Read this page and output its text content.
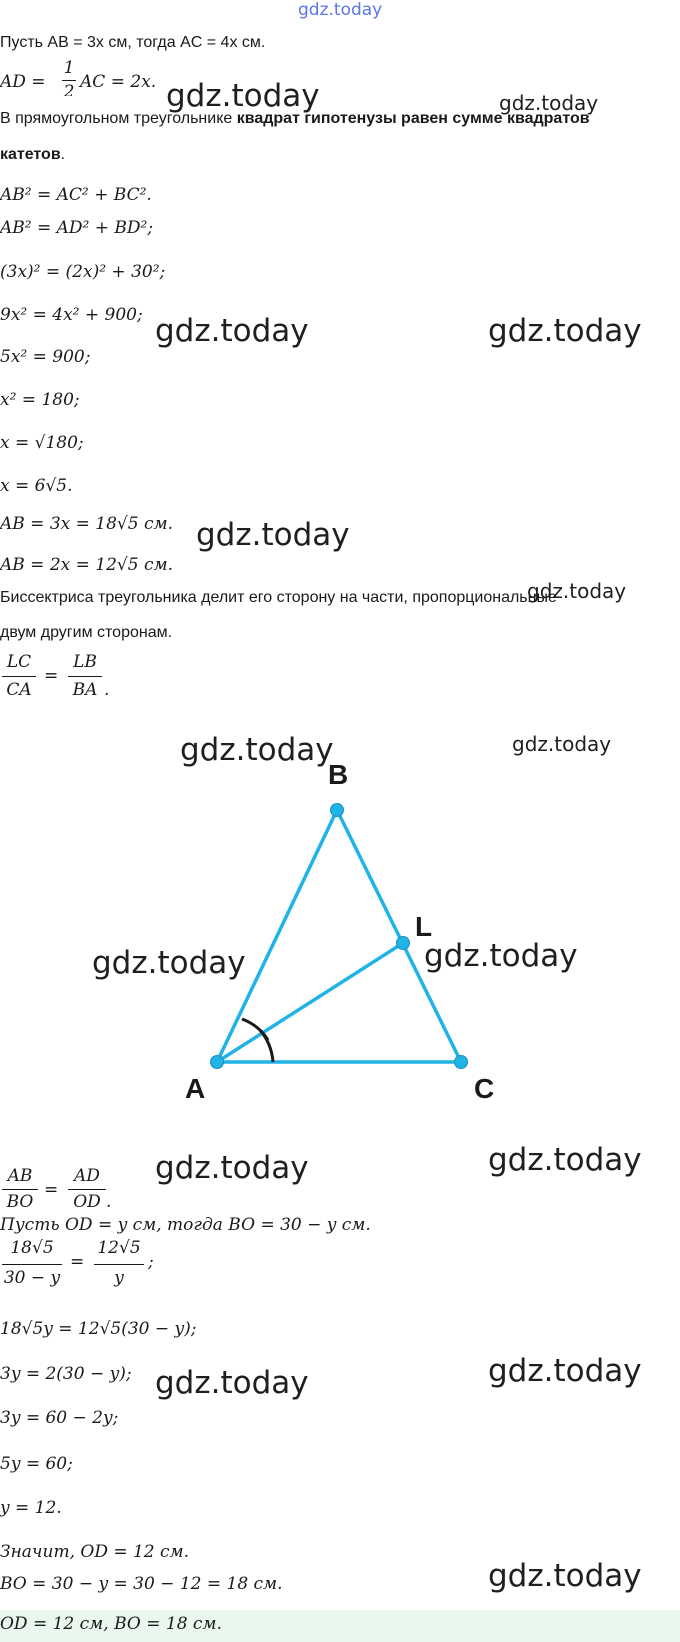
gdz.today
Пусть AB = 3x см, тогда AC = 4x см.
AD =
1
2 AC = 2x.
В прямоугольном треугольнике квадрат гипотенузы равен сумме квадратов
катетов.
AB² = AC² + BC².
AB² = AD² + BD²;
(3x)² = (2x)² + 30²;
9x² = 4x² + 900;
5x² = 900;
x² = 180;
x = √180;
x = 6√5.
AB = 3x = 18√5 см.
AB = 2x = 12√5 см.
Биссектриса треугольника делит его сторону на части, пропорциональные
двум другим сторонам.
LC
CA
=
LB
BA .
A
B
C
L
AB
BO
=
AD
OD .
Пусть OD = y см, тогда BO = 30 − y см.
18√5
30 − y
=
12√5
y
;
18√5y = 12√5(30 − y);
3y = 2(30 − y);
3y = 60 − 2y;
5y = 60;
y = 12.
Значит, OD = 12 см.
BO = 30 − y = 30 − 12 = 18 см.
OD = 12 см, BO = 18 см.
gdz.today	gdz.today
gdz.today	gdz.today
gdz.today
gdz.today
gdz.today	gdz.today
gdz.today	gdz.today
gdz.today	gdz.today
gdz.today	gdz.today
gdz.today
